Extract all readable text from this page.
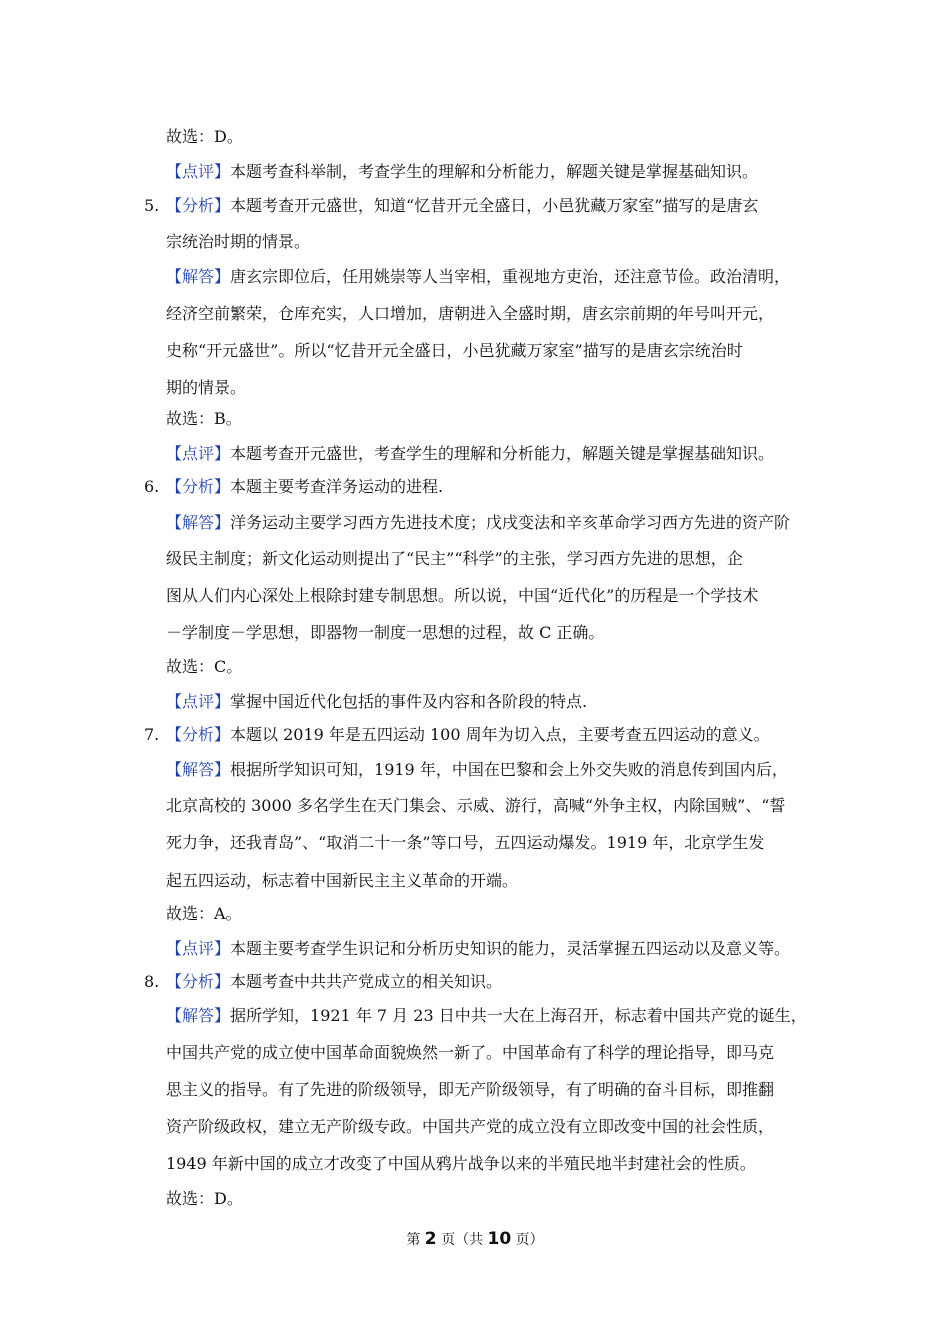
故选：D。
【点评】本题考查科举制，考查学生的理解和分析能力，解题关键是掌握基础知识。
5. 【分析】本题考查开元盛世，知道“忆昔开元全盛日，小邑犹藏万家室”描写的是唐玄
宗统治时期的情景。
【解答】唐玄宗即位后，任用姚崇等人当宰相，重视地方吏治，还注意节俭。政治清明，
经济空前繁荣，仓库充实，人口增加，唐朝进入全盛时期，唐玄宗前期的年号叫开元，
史称“开元盛世”。所以“忆昔开元全盛日，小邑犹藏万家室”描写的是唐玄宗统治时
期的情景。
故选：B。
【点评】本题考查开元盛世，考查学生的理解和分析能力，解题关键是掌握基础知识。
6. 【分析】本题主要考查洋务运动的进程.
【解答】洋务运动主要学习西方先进技术度；戊戌变法和辛亥革命学习西方先进的资产阶
级民主制度；新文化运动则提出了“民主”“科学”的主张，学习西方先进的思想，企
图从人们内心深处上根除封建专制思想。所以说，中国“近代化”的历程是一个学技术
－学制度－学思想，即器物一制度一思想的过程，故 C 正确。
故选：C。
【点评】掌握中国近代化包括的事件及内容和各阶段的特点.
7. 【分析】本题以 2019 年是五四运动 100 周年为切入点，主要考查五四运动的意义。
【解答】根据所学知识可知，1919 年，中国在巴黎和会上外交失败的消息传到国内后，
北京高校的 3000 多名学生在天门集会、示威、游行，高喊“外争主权，内除国贼”、“誓
死力争，还我青岛”、“取消二十一条”等口号，五四运动爆发。1919 年，北京学生发
起五四运动，标志着中国新民主主义革命的开端。
故选：A。
【点评】本题主要考查学生识记和分析历史知识的能力，灵活掌握五四运动以及意义等。
8. 【分析】本题考查中共共产党成立的相关知识。
【解答】据所学知，1921 年 7 月 23 日中共一大在上海召开，标志着中国共产党的诞生，
中国共产党的成立使中国革命面貌焕然一新了。中国革命有了科学的理论指导，即马克
思主义的指导。有了先进的阶级领导，即无产阶级领导，有了明确的奋斗目标，即推翻
资产阶级政权，建立无产阶级专政。中国共产党的成立没有立即改变中国的社会性质，
1949 年新中国的成立才改变了中国从鸦片战争以来的半殖民地半封建社会的性质。
故选：D。
第 2 页（共 10 页）
